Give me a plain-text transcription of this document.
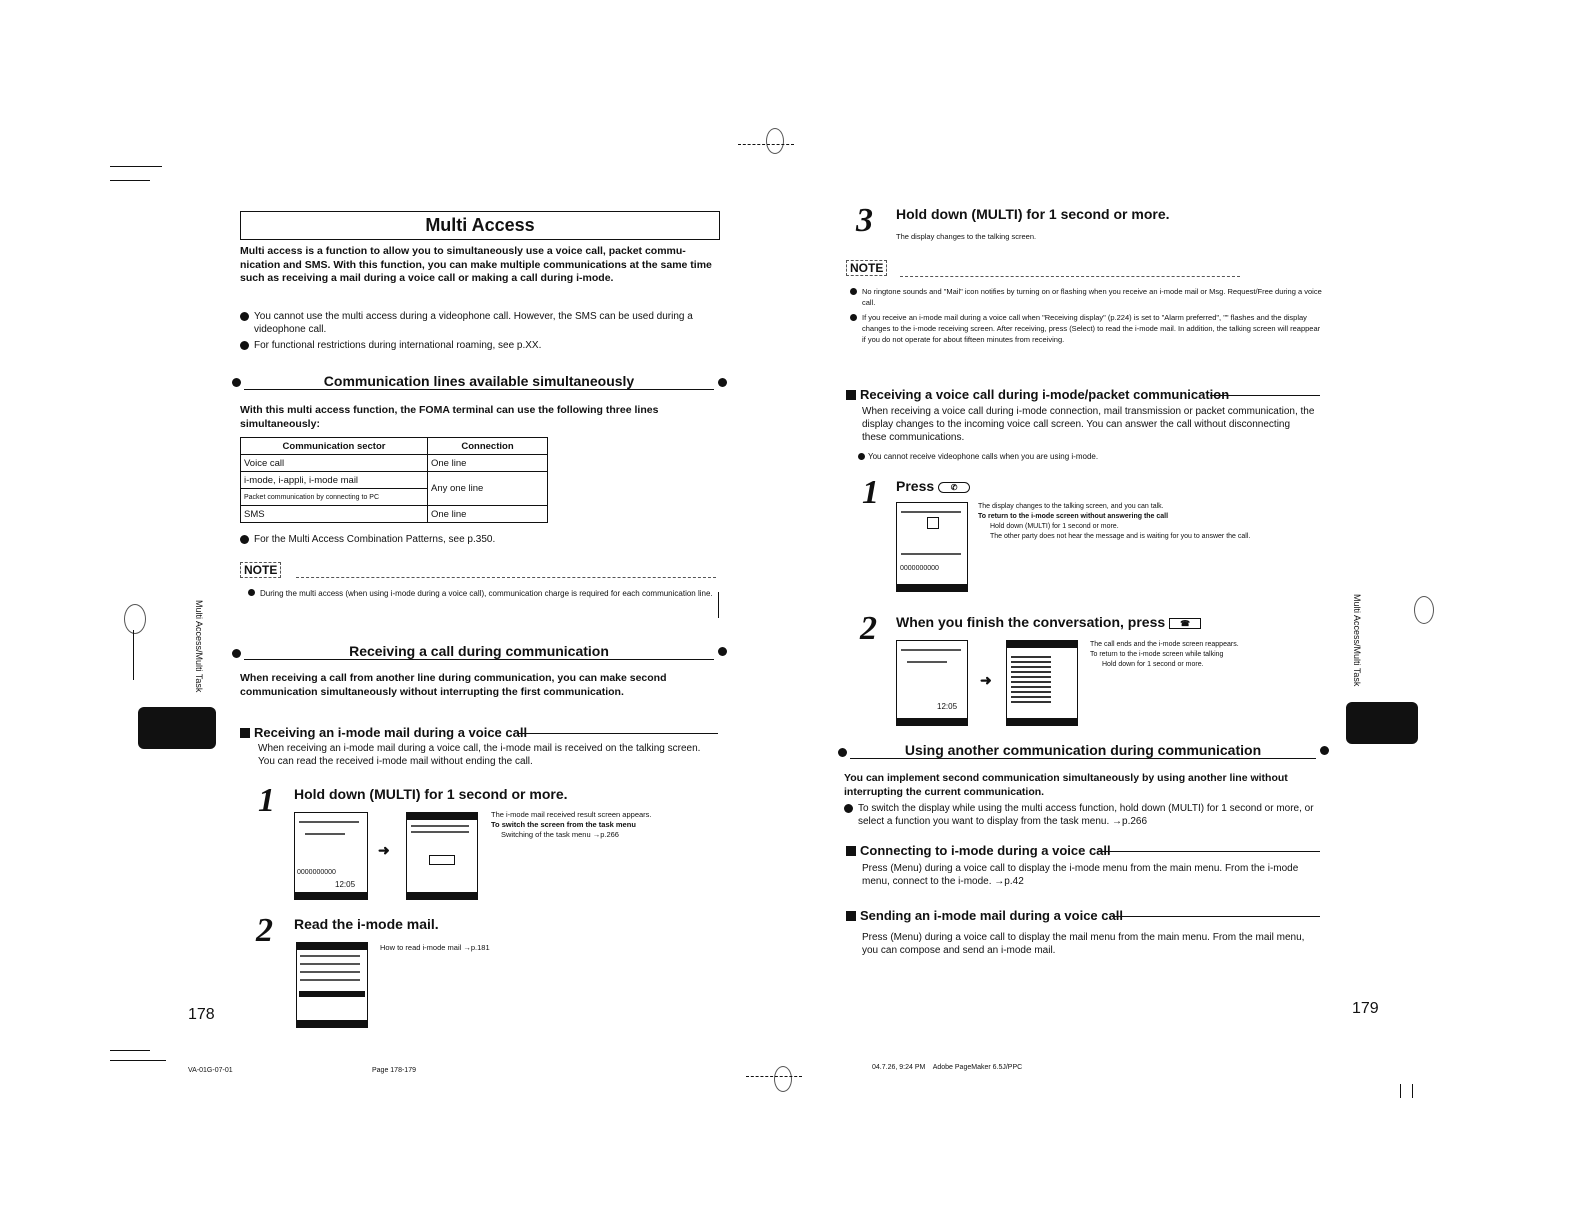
Multi Access
Multi access is a function to allow you to simultaneously use a voice call, packet commu-nication and SMS. With this function, you can make multiple communications at the same time such as receiving a mail during a voice call or making a call during i-mode.
You cannot use the multi access during a videophone call. However, the SMS can be used during a videophone call.
For functional restrictions during international roaming, see p.XX.
Communication lines available simultaneously
With this multi access function, the FOMA terminal can use the following three lines simultaneously:
Communication sector	Connection
Voice call	One line
i-mode, i-appli, i-mode mail	Any one line
Packet communication by connecting to PC	
SMS	One line
For the Multi Access Combination Patterns, see p.350.
NOTE
During the multi access (when using i-mode during a voice call), communication charge is required for each communication line.
Receiving a call during communication
When receiving a call from another line during communication, you can make second communication simultaneously without interrupting the first communication.
Receiving an i-mode mail during a voice call
When receiving an i-mode mail during a voice call, the i-mode mail is received on the talking screen. You can read the received i-mode mail without ending the call.
1 Hold down (MULTI) for 1 second or more.
0000000000
12:05
➜
The i-mode mail received result screen appears.
To switch the screen from the task menu
Switching of the task menu →p.266
2 Read the i-mode mail.
How to read i-mode mail →p.181
178
Multi Access/Multi Task
VA-01G-07-01	Page 178-179
3 Hold down (MULTI) for 1 second or more.
The display changes to the talking screen.
NOTE
No ringtone sounds and "Mail" icon notifies by turning on or flashing when you receive an i-mode mail or Msg. Request/Free during a voice call.
If you receive an i-mode mail during a voice call when "Receiving display" (p.224) is set to "Alarm preferred", "" flashes and the display changes to the i-mode receiving screen. After receiving, press (Select) to read the i-mode mail. In addition, the talking screen will reappear if you do not operate for about fifteen minutes from receiving.
Receiving a voice call during i-mode/packet communication
When receiving a voice call during i-mode connection, mail transmission or packet communication, the display changes to the incoming voice call screen. You can answer the call without disconnecting these communications.
You cannot receive videophone calls when you are using i-mode.
1 Press ✆
0000000000
The display changes to the talking screen, and you can talk.
To return to the i-mode screen without answering the call
Hold down (MULTI) for 1 second or more.
The other party does not hear the message and is waiting for you to answer the call.
2 When you finish the conversation, press ☎
12:05
➜
The call ends and the i-mode screen reappears.
To return to the i-mode screen while talking
Hold down for 1 second or more.
Using another communication during communication
You can implement second communication simultaneously by using another line without interrupting the current communication.
To switch the display while using the multi access function, hold down (MULTI) for 1 second or more, or select a function you want to display from the task menu. →p.266
Connecting to i-mode during a voice call
Press (Menu) during a voice call to display the i-mode menu from the main menu. From the i-mode menu, connect to the i-mode. →p.42
Sending an i-mode mail during a voice call
Press (Menu) during a voice call to display the mail menu from the main menu. From the mail menu, you can compose and send an i-mode mail.
179
Multi Access/Multi Task
04.7.26, 9:24 PM    Adobe PageMaker 6.5J/PPC
